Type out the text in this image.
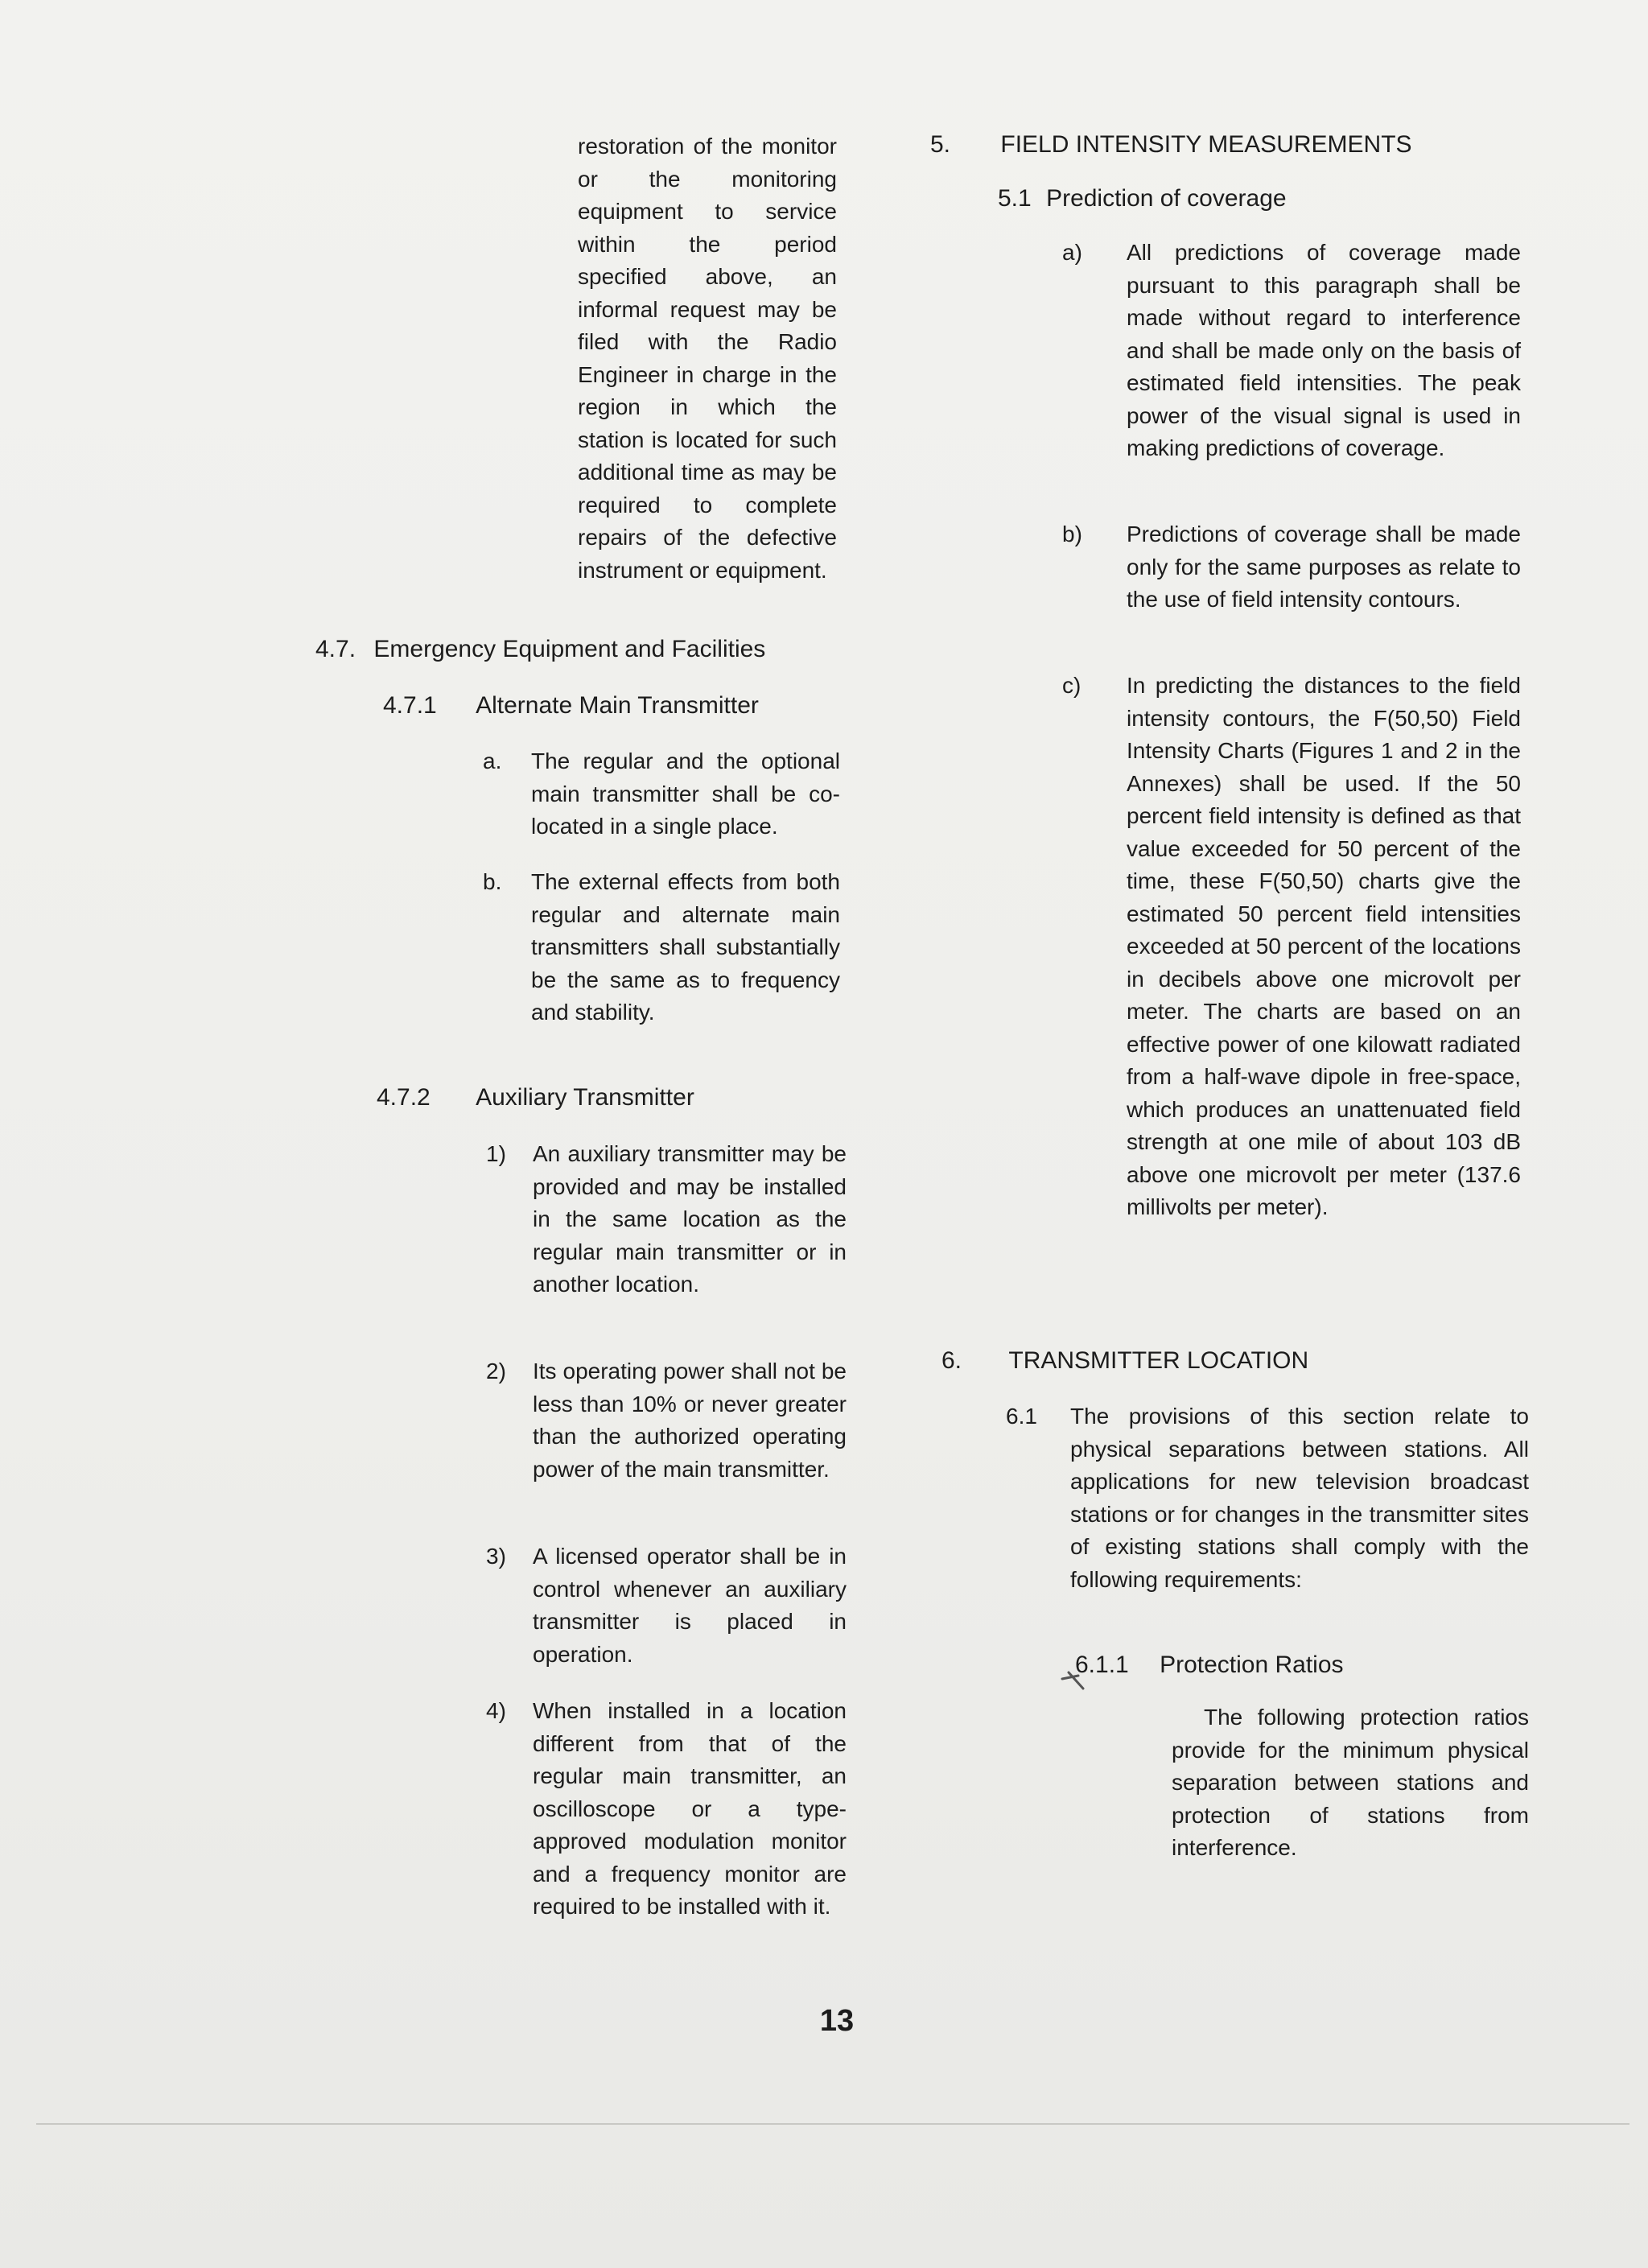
restoration of the monitor or the monitoring equipment to service within the period specified above, an informal request may be filed with the Radio Engineer in charge in the region in which the station is located for such additional time as may be required to complete repairs of the defective instrument or equipment.
4.7. Emergency Equipment and Facilities
4.7.1 Alternate Main Transmitter
a. The regular and the optional main transmitter shall be co-located in a single place.
b. The external effects from both regular and alternate main transmitters shall substantially be the same as to frequency and stability.
4.7.2 Auxiliary Transmitter
1) An auxiliary transmitter may be provided and may be installed in the same location as the regular main transmitter or in another location.
2) Its operating power shall not be less than 10% or never greater than the authorized operating power of the main transmitter.
3) A licensed operator shall be in control whenever an auxiliary transmitter is placed in operation.
4) When installed in a location different from that of the regular main transmitter, an oscilloscope or a type-approved modulation monitor and a frequency monitor are required to be installed with it.
5. FIELD INTENSITY MEASUREMENTS
5.1 Prediction of coverage
a) All predictions of coverage made pursuant to this paragraph shall be made without regard to interference and shall be made only on the basis of estimated field intensities. The peak power of the visual signal is used in making predictions of coverage.
b) Predictions of coverage shall be made only for the same purposes as relate to the use of field intensity contours.
c) In predicting the distances to the field intensity contours, the F(50,50) Field Intensity Charts (Figures 1 and 2 in the Annexes) shall be used. If the 50 percent field intensity is defined as that value exceeded for 50 percent of the time, these F(50,50) charts give the estimated 50 percent field intensities exceeded at 50 percent of the locations in decibels above one microvolt per meter. The charts are based on an effective power of one kilowatt radiated from a half-wave dipole in free-space, which produces an unattenuated field strength at one mile of about 103 dB above one microvolt per meter (137.6 millivolts per meter).
6. TRANSMITTER LOCATION
6.1 The provisions of this section relate to physical separations between stations. All applications for new television broadcast stations or for changes in the transmitter sites of existing stations shall comply with the following requirements:
6.1.1 Protection Ratios
The following protection ratios provide for the minimum physical separation between stations and protection of stations from interference.
13
